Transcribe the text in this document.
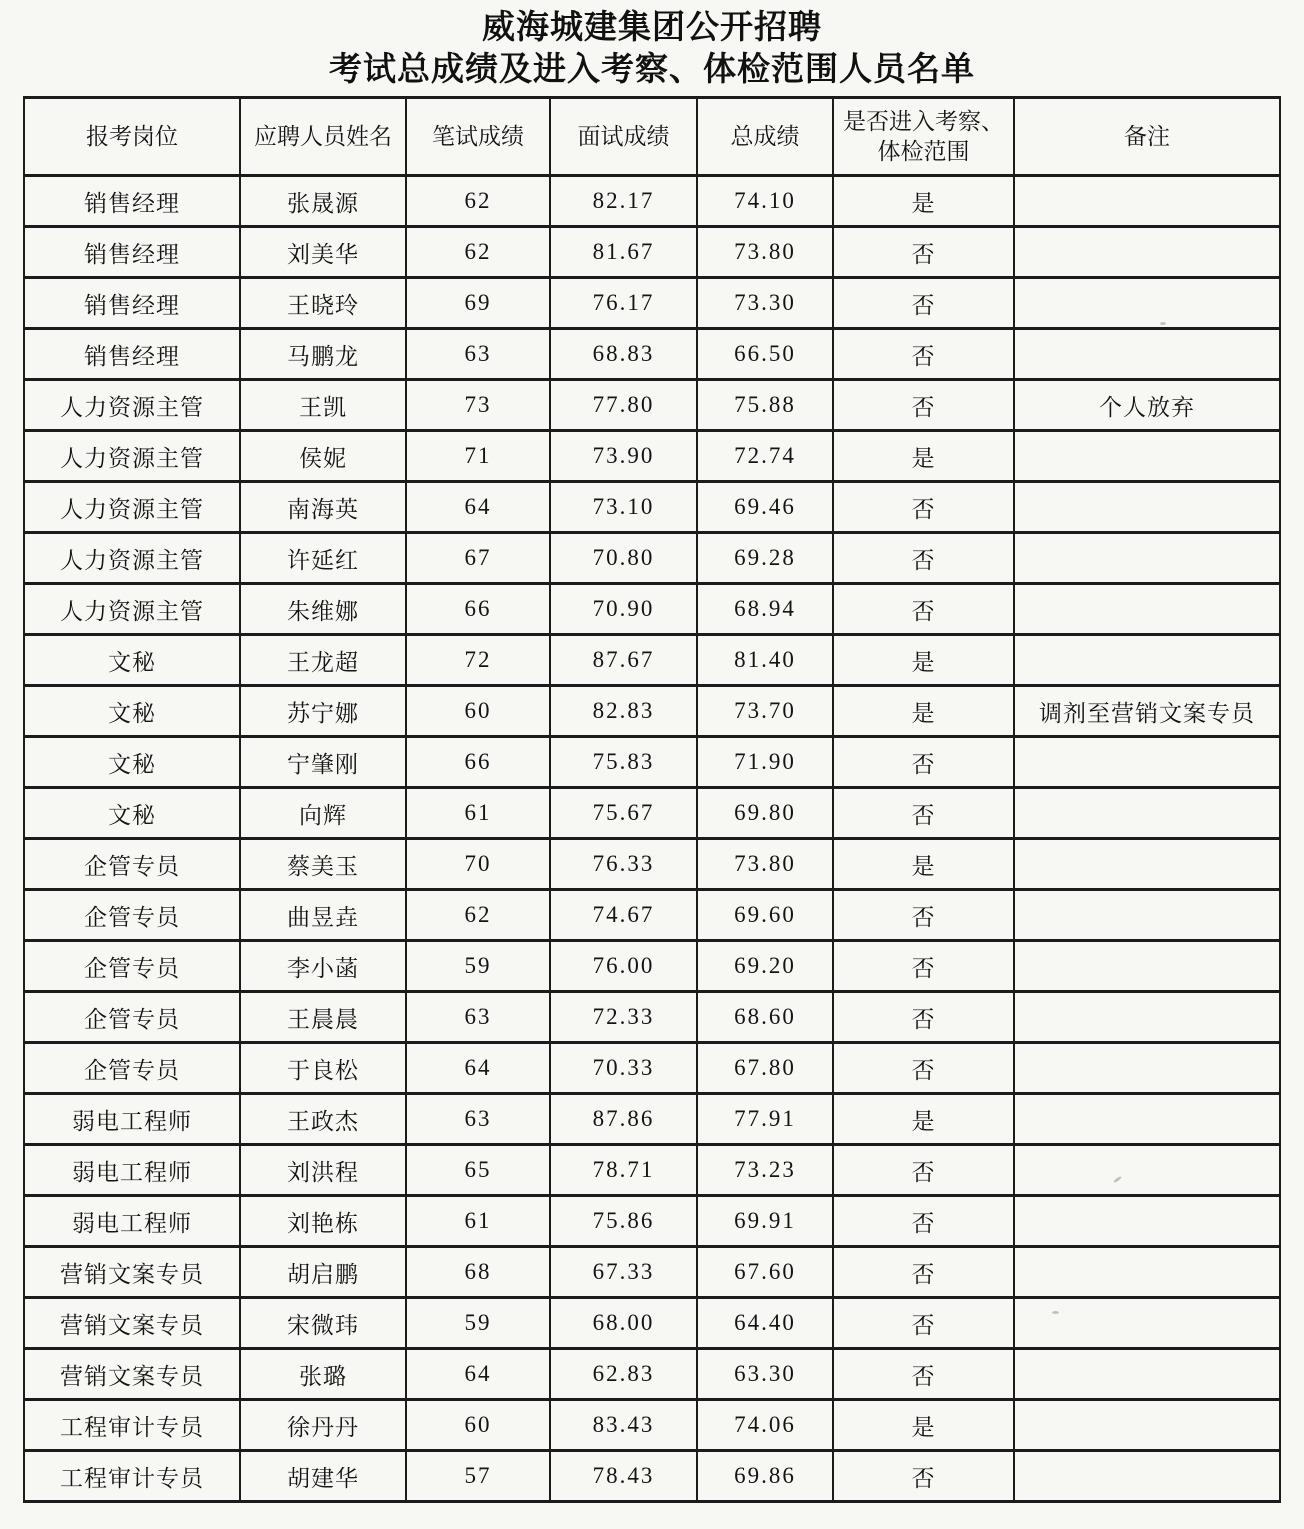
威海城建集团公开招聘
考试总成绩及进入考察、体检范围人员名单
报考岗位	应聘人员姓名	笔试成绩	面试成绩	总成绩	是否进入考察、体检范围	备注
销售经理	张晟源	62	82.17	74.10	是	
销售经理	刘美华	62	81.67	73.80	否	
销售经理	王晓玲	69	76.17	73.30	否	
销售经理	马鹏龙	63	68.83	66.50	否	
人力资源主管	王凯	73	77.80	75.88	否	个人放弃
人力资源主管	侯妮	71	73.90	72.74	是	
人力资源主管	南海英	64	73.10	69.46	否	
人力资源主管	许延红	67	70.80	69.28	否	
人力资源主管	朱维娜	66	70.90	68.94	否	
文秘	王龙超	72	87.67	81.40	是	
文秘	苏宁娜	60	82.83	73.70	是	调剂至营销文案专员
文秘	宁肇刚	66	75.83	71.90	否	
文秘	向辉	61	75.67	69.80	否	
企管专员	蔡美玉	70	76.33	73.80	是	
企管专员	曲昱垚	62	74.67	69.60	否	
企管专员	李小菡	59	76.00	69.20	否	
企管专员	王晨晨	63	72.33	68.60	否	
企管专员	于良松	64	70.33	67.80	否	
弱电工程师	王政杰	63	87.86	77.91	是	
弱电工程师	刘洪程	65	78.71	73.23	否	
弱电工程师	刘艳栋	61	75.86	69.91	否	
营销文案专员	胡启鹏	68	67.33	67.60	否	
营销文案专员	宋微玮	59	68.00	64.40	否	
营销文案专员	张璐	64	62.83	63.30	否	
工程审计专员	徐丹丹	60	83.43	74.06	是	
工程审计专员	胡建华	57	78.43	69.86	否	
